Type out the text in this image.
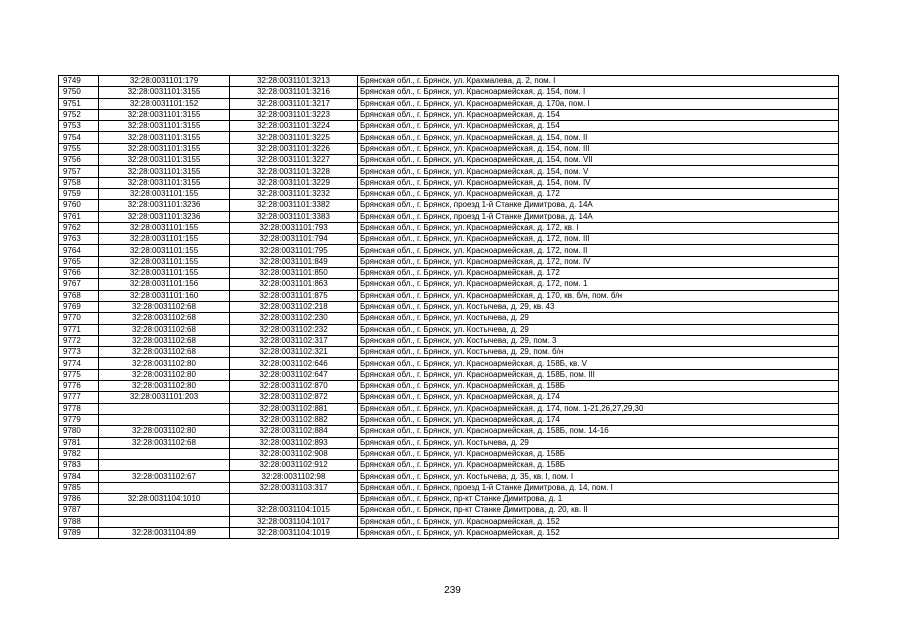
9749	32:28:0031101:179	32:28:0031101:3213	Брянская обл., г. Брянск, ул. Крахмалева, д. 2, пом. I
9750	32:28:0031101:3155	32:28:0031101:3216	Брянская обл., г. Брянск, ул. Красноармейская, д. 154, пом. I
9751	32:28:0031101:152	32:28:0031101:3217	Брянская обл., г. Брянск, ул. Красноармейская, д. 170а, пом. I
9752	32:28:0031101:3155	32:28:0031101:3223	Брянская обл., г. Брянск, ул. Красноармейская, д. 154
9753	32:28:0031101:3155	32:28:0031101:3224	Брянская обл., г. Брянск, ул. Красноармейская, д. 154
9754	32:28:0031101:3155	32:28:0031101:3225	Брянская обл., г. Брянск, ул. Красноармейская, д. 154, пом. II
9755	32:28:0031101:3155	32:28:0031101:3226	Брянская обл., г. Брянск, ул. Красноармейская, д. 154, пом. III
9756	32:28:0031101:3155	32:28:0031101:3227	Брянская обл., г. Брянск, ул. Красноармейская, д. 154, пом. VII
9757	32:28:0031101:3155	32:28:0031101:3228	Брянская обл., г. Брянск, ул. Красноармейская, д. 154, пом. V
9758	32:28:0031101:3155	32:28:0031101:3229	Брянская обл., г. Брянск, ул. Красноармейская, д. 154, пом. IV
9759	32:28:0031101:155	32:28:0031101:3232	Брянская обл., г. Брянск, ул. Красноармейская, д. 172
9760	32:28:0031101:3236	32:28:0031101:3382	Брянская обл., г. Брянск, проезд 1-й Станке Димитрова, д. 14А
9761	32:28:0031101:3236	32:28:0031101:3383	Брянская обл., г. Брянск, проезд 1-й Станке Димитрова, д. 14А
9762	32:28:0031101:155	32:28:0031101:793	Брянская обл., г. Брянск, ул. Красноармейская, д. 172, кв. I
9763	32:28:0031101:155	32:28:0031101:794	Брянская обл., г. Брянск, ул. Красноармейская, д. 172, пом. III
9764	32:28:0031101:155	32:28:0031101:795	Брянская обл., г. Брянск, ул. Красноармейская, д. 172, пом. II
9765	32:28:0031101:155	32:28:0031101:849	Брянская обл., г. Брянск, ул. Красноармейская, д. 172, пом. IV
9766	32:28:0031101:155	32:28:0031101:850	Брянская обл., г. Брянск, ул. Красноармейская, д. 172
9767	32:28:0031101:156	32:28:0031101:863	Брянская обл., г. Брянск, ул. Красноармейская, д. 172, пом. 1
9768	32:28:0031101:160	32:28:0031101:875	Брянская обл., г. Брянск, ул. Красноармейская, д. 170, кв. б/н, пом. б/н
9769	32:28:0031102:68	32:28:0031102:218	Брянская обл., г. Брянск, ул. Костычева, д. 29, кв. 43
9770	32:28:0031102:68	32:28:0031102:230	Брянская обл., г. Брянск, ул. Костычева, д. 29
9771	32:28:0031102:68	32:28:0031102:232	Брянская обл., г. Брянск, ул. Костычева, д. 29
9772	32:28:0031102:68	32:28:0031102:317	Брянская обл., г. Брянск, ул. Костычева, д. 29, пом. 3
9773	32:28:0031102:68	32:28:0031102:321	Брянская обл., г. Брянск, ул. Костычева, д. 29, пом. б/н
9774	32:28:0031102:80	32:28:0031102:646	Брянская обл., г. Брянск, ул. Красноармейская, д. 158Б, кв. V
9775	32:28:0031102:80	32:28:0031102:647	Брянская обл., г. Брянск, ул. Красноармейская, д. 158Б, пом. III
9776	32:28:0031102:80	32:28:0031102:870	Брянская обл., г. Брянск, ул. Красноармейская, д. 158Б
9777	32:28:0031101:203	32:28:0031102:872	Брянская обл., г. Брянск, ул. Красноармейская, д. 174
9778		32:28:0031102:881	Брянская обл., г. Брянск, ул. Красноармейская, д. 174, пом. 1-21,26,27,29,30
9779		32:28:0031102:882	Брянская обл., г. Брянск, ул. Красноармейская, д. 174
9780	32:28:0031102:80	32:28:0031102:884	Брянская обл., г. Брянск, ул. Красноармейская, д. 158Б, пом. 14-16
9781	32:28:0031102:68	32:28:0031102:893	Брянская обл., г. Брянск, ул. Костычева, д. 29
9782		32:28:0031102:908	Брянская обл., г. Брянск, ул. Красноармейская, д. 158Б
9783		32:28:0031102:912	Брянская обл., г. Брянск, ул. Красноармейская, д. 158Б
9784	32:28:0031102:67	32:28:0031102:98	Брянская обл., г. Брянск, ул. Костычева, д. 35, кв. I, пом. I
9785		32:28:0031103:317	Брянская обл., г. Брянск, проезд 1-й Станке Димитрова, д. 14, пом. I
9786	32:28:0031104:1010		Брянская обл., г. Брянск, пр-кт Станке Димитрова, д. 1
9787		32:28:0031104:1015	Брянская обл., г. Брянск, пр-кт Станке Димитрова, д. 20, кв. II
9788		32:28:0031104:1017	Брянская обл., г. Брянск, ул. Красноармейская, д. 152
9789	32:28:0031104:89	32:28:0031104:1019	Брянская обл., г. Брянск, ул. Красноармейская, д. 152
239
